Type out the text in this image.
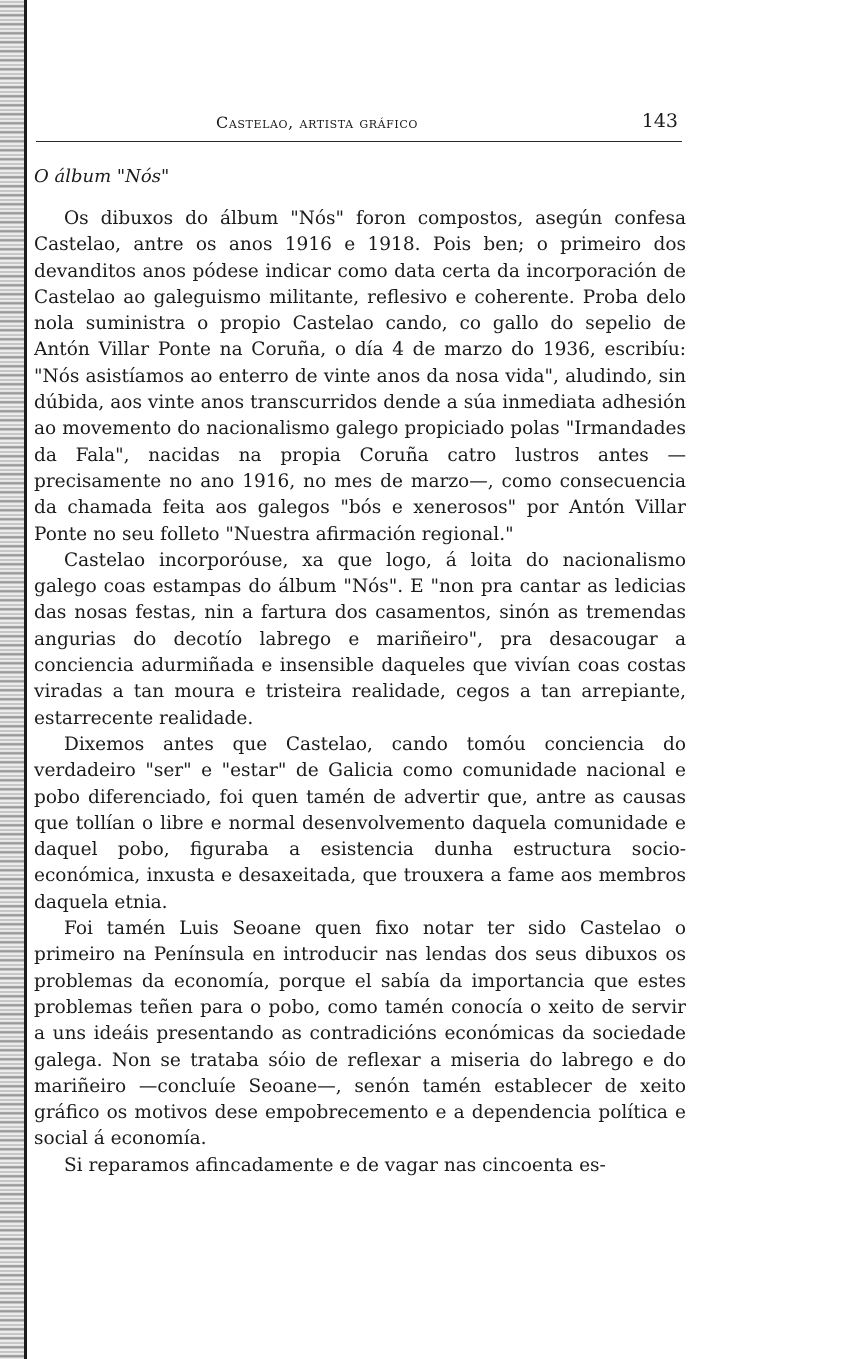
Castelao, artista gráfico	143
O álbum "Nós"

Os dibuxos do álbum "Nós" foron compostos, asegún confesa Castelao, antre os anos 1916 e 1918. Pois ben; o primeiro dos devanditos anos pódese indicar como data certa da incorporación de Castelao ao galeguismo militante, reflesivo e coherente. Proba delo nola suministra o propio Castelao cando, co gallo do sepelio de Antón Villar Ponte na Coruña, o día 4 de marzo do 1936, escribíu: "Nós asistíamos ao enterro de vinte anos da nosa vida", aludindo, sin dúbida, aos vinte anos transcurridos dende a súa inmediata adhesión ao movemento do nacionalismo galego propiciado polas "Irmandades da Fala", nacidas na propia Coruña catro lustros antes —precisamente no ano 1916, no mes de marzo—, como consecuencia da chamada feita aos galegos "bós e xenerosos" por Antón Villar Ponte no seu folleto "Nuestra afirmación regional."

Castelao incorporóuse, xa que logo, á loita do nacionalismo galego coas estampas do álbum "Nós". E "non pra cantar as ledicias das nosas festas, nin a fartura dos casamentos, sinón as tremendas angurias do decotío labrego e mariñeiro", pra desacougar a conciencia adurmiñada e insensible daqueles que vivían coas costas viradas a tan moura e tristeira realidade, cegos a tan arrepiante, estarrecente realidade.

Dixemos antes que Castelao, cando tomóu conciencia do verdadeiro "ser" e "estar" de Galicia como comunidade nacional e pobo diferenciado, foi quen tamén de advertir que, antre as causas que tollían o libre e normal desenvolvemento daquela comunidade e daquel pobo, figuraba a esistencia dunha estructura socio-económica, inxusta e desaxeitada, que trouxera a fame aos membros daquela etnia.

Foi tamén Luis Seoane quen fixo notar ter sido Castelao o primeiro na Península en introducir nas lendas dos seus dibuxos os problemas da economía, porque el sabía da importancia que estes problemas teñen para o pobo, como tamén conocía o xeito de servir a uns ideáis presentando as contradicións económicas da sociedade galega. Non se trataba sóio de reflexar a miseria do labrego e do mariñeiro —concluíe Seoane—, senón tamén establecer de xeito gráfico os motivos dese empobrecemento e a dependencia política e social á economía.

Si reparamos afincadamente e de vagar nas cincoenta es-
